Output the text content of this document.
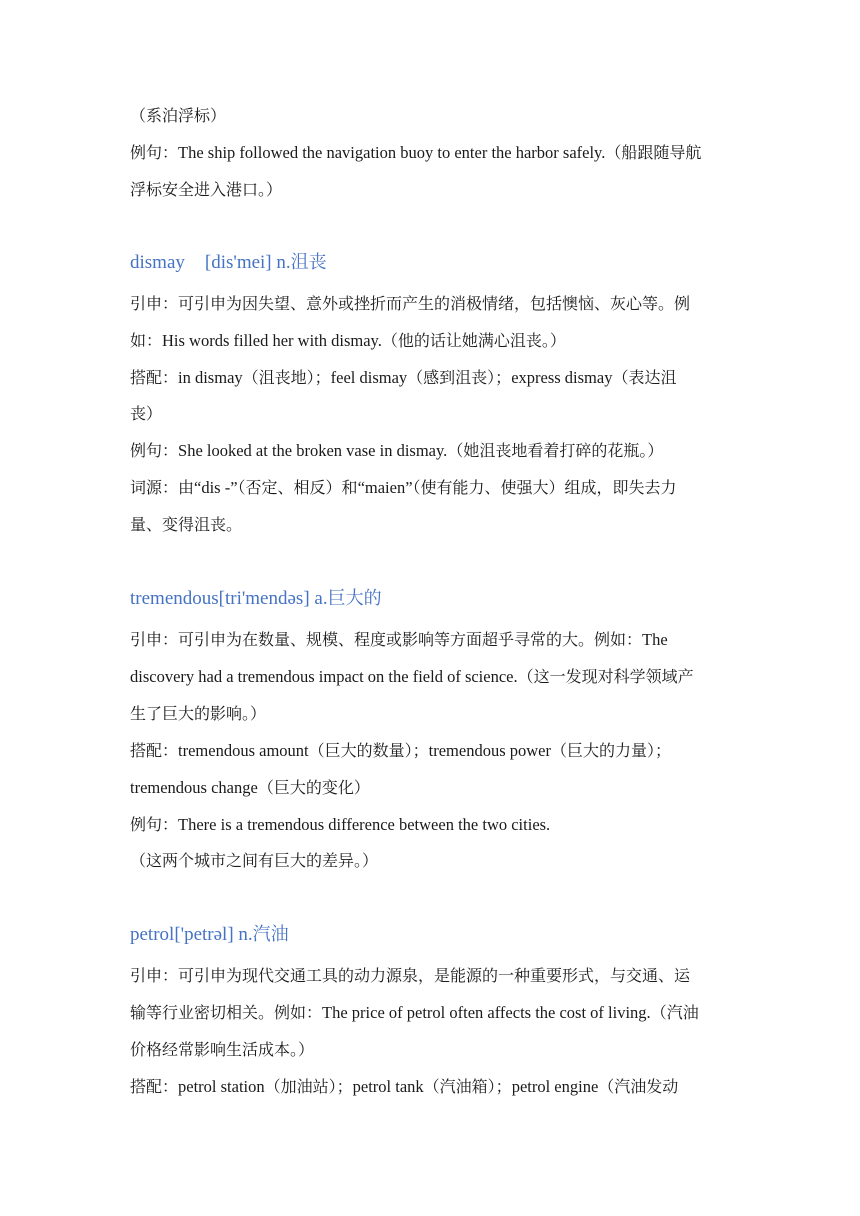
（系泊浮标）
例句：The ship followed the navigation buoy to enter the harbor safely.（船跟随导航
浮标安全进入港口。）
dismay [dis'mei] n.沮丧
引申：可引申为因失望、意外或挫折而产生的消极情绪，包括懊恼、灰心等。例
如：His words filled her with dismay.（他的话让她满心沮丧。）
搭配：in dismay（沮丧地）；feel dismay（感到沮丧）；express dismay（表达沮
丧）
例句：She looked at the broken vase in dismay.（她沮丧地看着打碎的花瓶。）
词源：由“dis -”（否定、相反）和“maien”（使有能力、使强大）组成，即失去力
量、变得沮丧。
tremendous[tri'mendəs] a.巨大的
引申：可引申为在数量、规模、程度或影响等方面超乎寻常的大。例如：The
discovery had a tremendous impact on the field of science.（这一发现对科学领域产
生了巨大的影响。）
搭配：tremendous amount（巨大的数量）；tremendous power（巨大的力量）；
tremendous change（巨大的变化）
例句：There is a tremendous difference between the two cities.
（这两个城市之间有巨大的差异。）
petrol['petrəl] n.汽油
引申：可引申为现代交通工具的动力源泉，是能源的一种重要形式，与交通、运
输等行业密切相关。例如：The price of petrol often affects the cost of living.（汽油
价格经常影响生活成本。）
搭配：petrol station（加油站）；petrol tank（汽油箱）；petrol engine（汽油发动
